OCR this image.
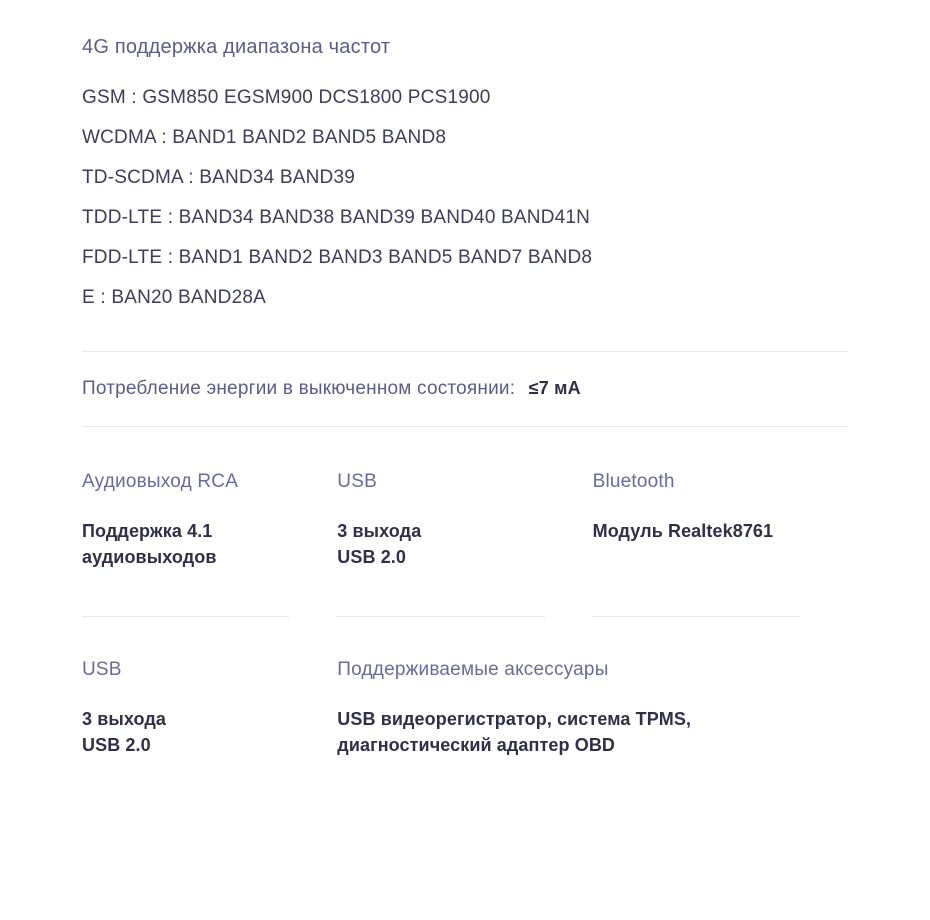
4G поддержка диапазона частот
GSM : GSM850 EGSM900 DCS1800 PCS1900
WCDMA : BAND1 BAND2 BAND5 BAND8
TD-SCDMA : BAND34 BAND39
TDD-LTE : BAND34 BAND38 BAND39 BAND40 BAND41N
FDD-LTE : BAND1 BAND2 BAND3 BAND5 BAND7 BAND8
E : BAN20 BAND28A
Потребление энергии в выкюченном состоянии: ≤7 мА
Аудиовыход RCA
Поддержка 4.1 аудиовыходов
USB
3 выхода
USB 2.0
Bluetooth
Модуль Realtek8761
USB
3 выхода
USB 2.0
Поддерживаемые аксессуары
USB видеорегистратор, система TPMS, диагностический адаптер OBD
